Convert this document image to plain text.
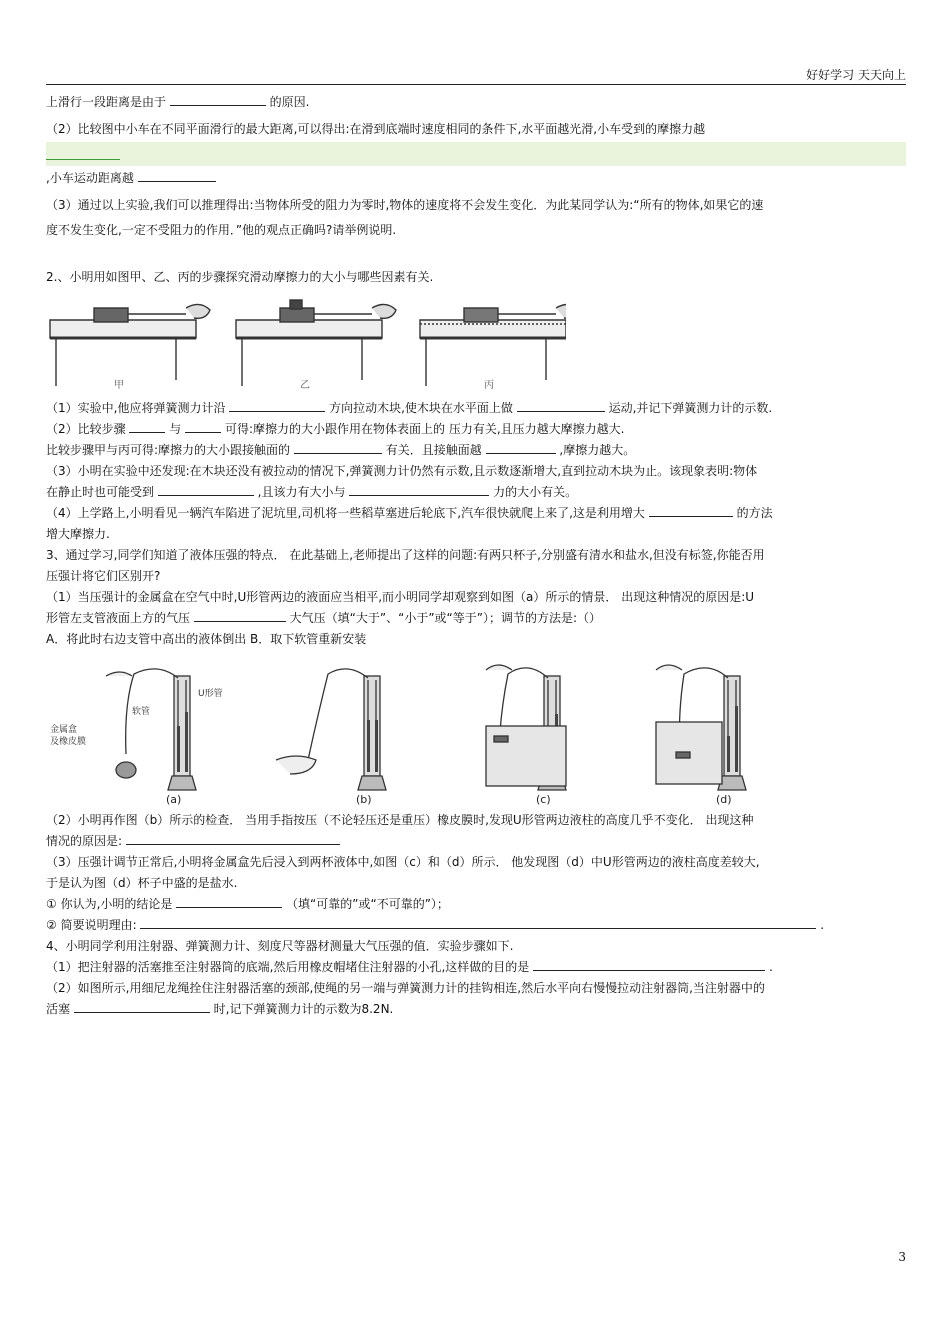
好好学习 天天向上
上滑行一段距离是由于	的原因.
（2）比较图中小车在不同平面滑行的最大距离,可以得出:在滑到底端时速度相同的条件下,水平面越光滑,小车受到的摩擦力越
,小车运动距离越
（3）通过以上实验,我们可以推理得出:当物体所受的阻力为零时,物体的速度将不会发生变化．为此某同学认为:“所有的物体,如果它的速
度不发生变化,一定不受阻力的作用．”他的观点正确吗?请举例说明.
2.、小明用如图甲、乙、丙的步骤探究滑动摩擦力的大小与哪些因素有关.
甲	乙	丙
（1）实验中,他应将弹簧测力计沿	方向拉动木块,使木块在水平面上做	运动,并记下弹簧测力计的示数.
（2）比较步骤	与	可得:摩擦力的大小跟作用在物体表面上的 压力有关,且压力越大摩擦力越大.
比较步骤甲与丙可得:摩擦力的大小跟接触面的	有关．且接触面越	,摩擦力越大。
（3）小明在实验中还发现:在木块还没有被拉动的情况下,弹簧测力计仍然有示数,且示数逐渐增大,直到拉动木块为止。该现象表明:物体
在静止时也可能受到	,且该力有大小与	力的大小有关。
（4）上学路上,小明看见一辆汽车陷进了泥坑里,司机将一些稻草塞进后轮底下,汽车很快就爬上来了,这是利用增大	的方法
增大摩擦力.
3、通过学习,同学们知道了液体压强的特点． 在此基础上,老师提出了这样的问题:有两只杯子,分别盛有清水和盐水,但没有标签,你能否用
压强计将它们区别开?
（1）当压强计的金属盒在空气中时,U形管两边的液面应当相平,而小明同学却观察到如图（a）所示的情景． 出现这种情况的原因是:U
形管左支管液面上方的气压	大气压（填“大于”、“小于”或“等于”）；调节的方法是:（）
A．将此时右边支管中高出的液体倒出 B．取下软管重新安装
金属盒
及橡皮膜
软管
U形管
(a)	(b)	(c)	(d)
（2）小明再作图（b）所示的检查． 当用手指按压（不论轻压还是重压）橡皮膜时,发现U形管两边液柱的高度几乎不变化． 出现这种
情况的原因是:
（3）压强计调节正常后,小明将金属盒先后浸入到两杯液体中,如图（c）和（d）所示． 他发现图（d）中U形管两边的液柱高度差较大,
于是认为图（d）杯子中盛的是盐水.
① 你认为,小明的结论是	（填“可靠的”或“不可靠的”）；
② 简要说明理由:	.
4、小明同学利用注射器、弹簧测力计、刻度尺等器材测量大气压强的值．实验步骤如下.
（1）把注射器的活塞推至注射器筒的底端,然后用橡皮帽堵住注射器的小孔,这样做的目的是	.
（2）如图所示,用细尼龙绳拴住注射器活塞的颈部,使绳的另一端与弹簧测力计的挂钩相连,然后水平向右慢慢拉动注射器筒,当注射器中的
活塞	时,记下弹簧测力计的示数为8.2N.
3
